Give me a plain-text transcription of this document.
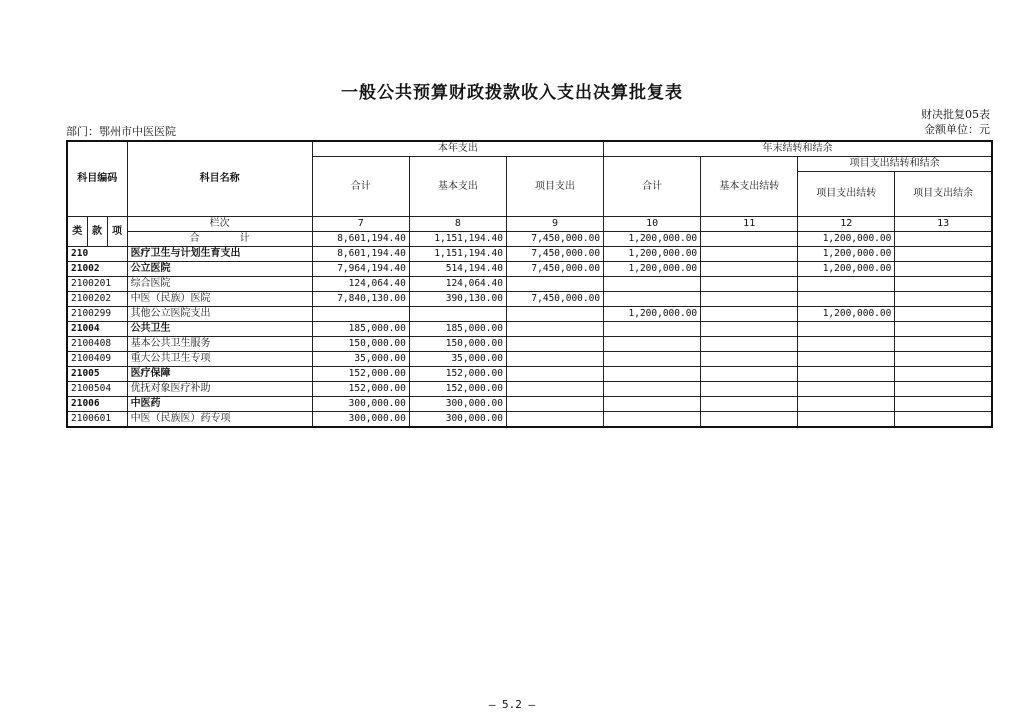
一般公共预算财政拨款收入支出决算批复表
财决批复05表
金额单位：元
部门：鄂州市中医医院
科目编码			科目名称	本年支出			年末结转和结余			
				合计	基本支出	项目支出	合计	基本支出结转	项目支出结转和结余	
									项目支出结转	项目支出结余

类	款	项	栏次	7	8	9	10	11	12	13
			合 计	8,601,194.40	1,151,194.40	7,450,000.00	1,200,000.00		1,200,000.00	
210			医疗卫生与计划生育支出	8,601,194.40	1,151,194.40	7,450,000.00	1,200,000.00		1,200,000.00	
21002			公立医院	7,964,194.40	514,194.40	7,450,000.00	1,200,000.00		1,200,000.00	
2100201			综合医院	124,064.40	124,064.40					
2100202			中医（民族）医院	7,840,130.00	390,130.00	7,450,000.00				
2100299			其他公立医院支出				1,200,000.00		1,200,000.00	
21004			公共卫生	185,000.00	185,000.00					
2100408			基本公共卫生服务	150,000.00	150,000.00					
2100409			重大公共卫生专项	35,000.00	35,000.00					
21005			医疗保障	152,000.00	152,000.00					
2100504			优抚对象医疗补助	152,000.00	152,000.00					
21006			中医药	300,000.00	300,000.00					
2100601			中医（民族医）药专项	300,000.00	300,000.00					
— 5.2 —
